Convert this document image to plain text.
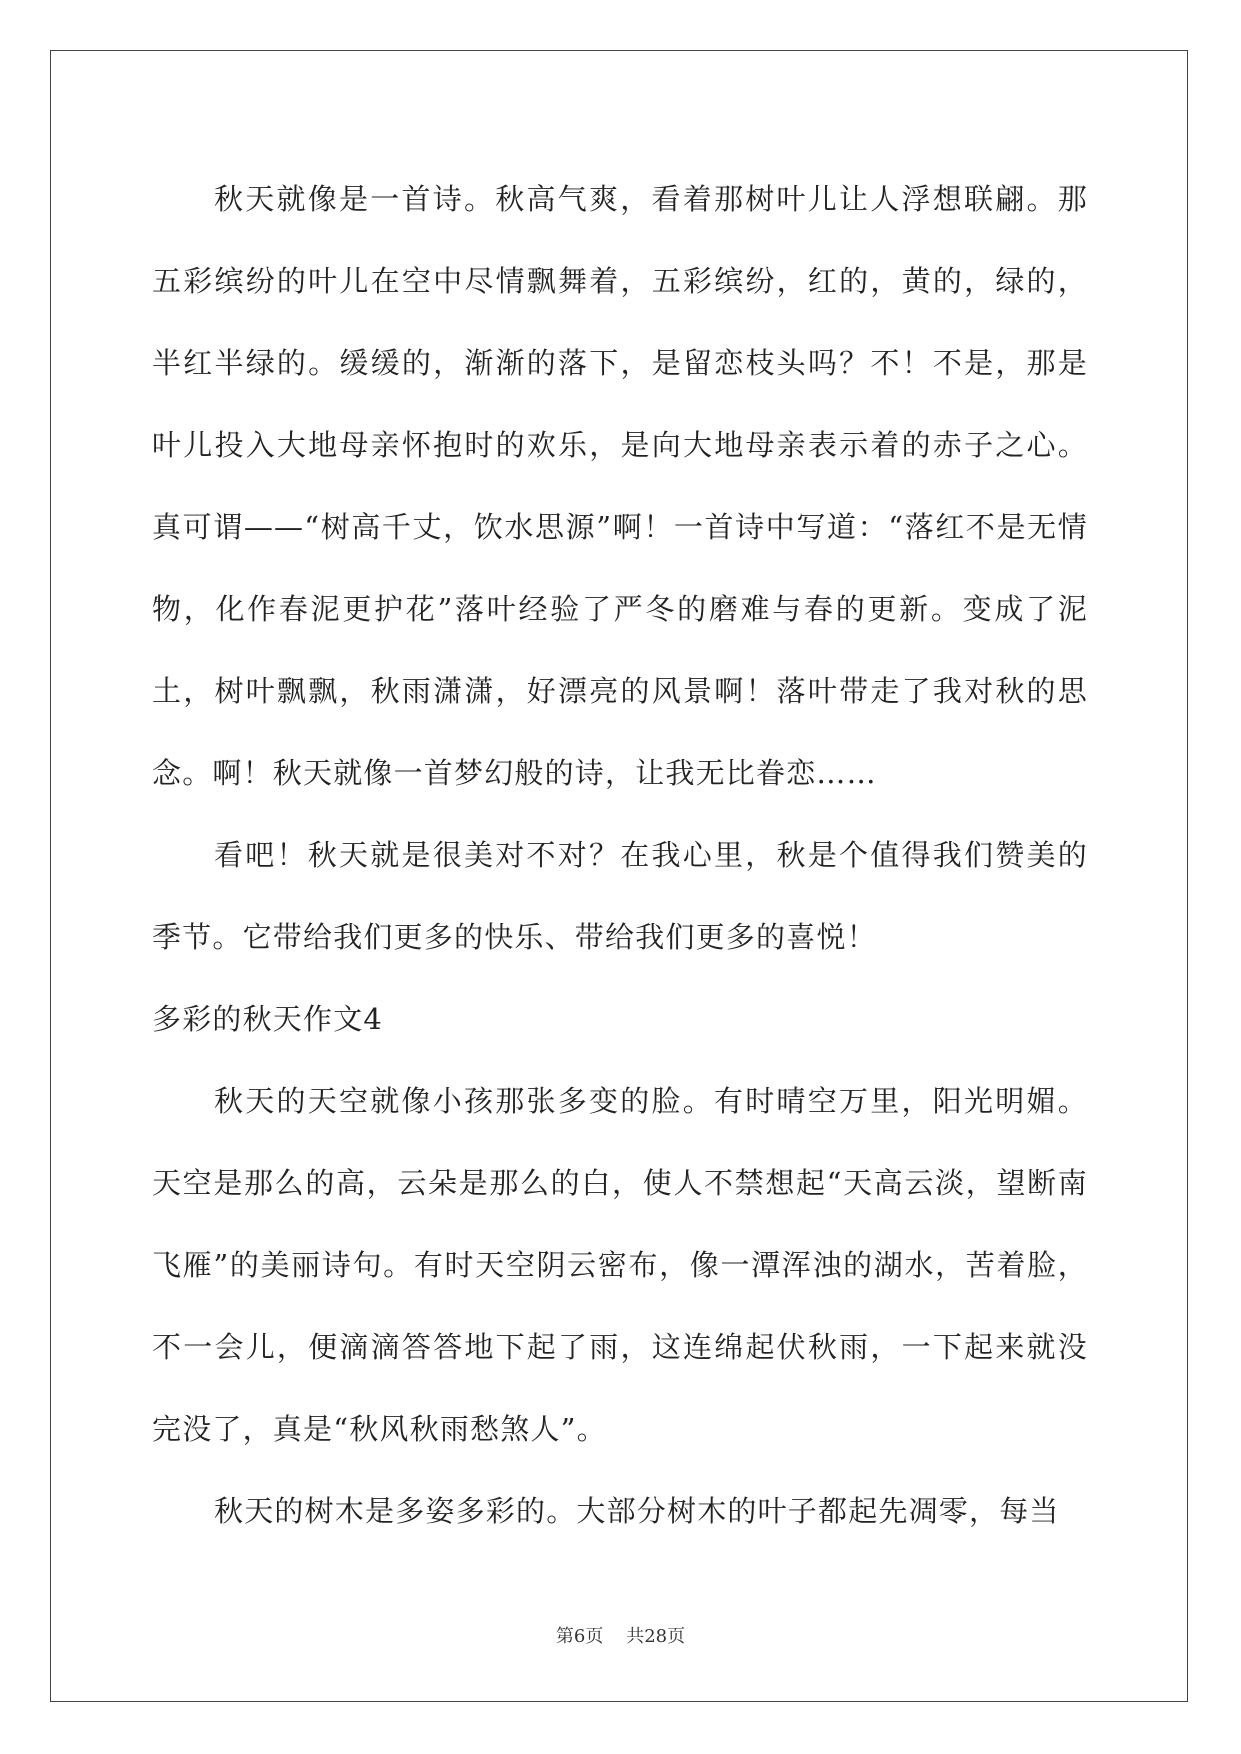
秋天就像是一首诗。秋高气爽，看着那树叶儿让人浮想联翩。那五彩缤纷的叶儿在空中尽情飘舞着，五彩缤纷，红的，黄的，绿的，半红半绿的。缓缓的，渐渐的落下，是留恋枝头吗？不！不是，那是叶儿投入大地母亲怀抱时的欢乐，是向大地母亲表示着的赤子之心。真可谓——“树高千丈，饮水思源”啊！一首诗中写道：“落红不是无情物，化作春泥更护花”落叶经验了严冬的磨难与春的更新。变成了泥土，树叶飘飘，秋雨潇潇，好漂亮的风景啊！落叶带走了我对秋的思念。啊！秋天就像一首梦幻般的诗，让我无比眷恋……

看吧！秋天就是很美对不对？在我心里，秋是个值得我们赞美的季节。它带给我们更多的快乐、带给我们更多的喜悦！

多彩的秋天作文4

秋天的天空就像小孩那张多变的脸。有时晴空万里，阳光明媚。天空是那么的高，云朵是那么的白，使人不禁想起“天高云淡，望断南飞雁”的美丽诗句。有时天空阴云密布，像一潭浑浊的湖水，苦着脸，不一会儿，便滴滴答答地下起了雨，这连绵起伏秋雨，一下起来就没完没了，真是“秋风秋雨愁煞人”。

秋天的树木是多姿多彩的。大部分树木的叶子都起先凋零，每当

第6页 共28页
